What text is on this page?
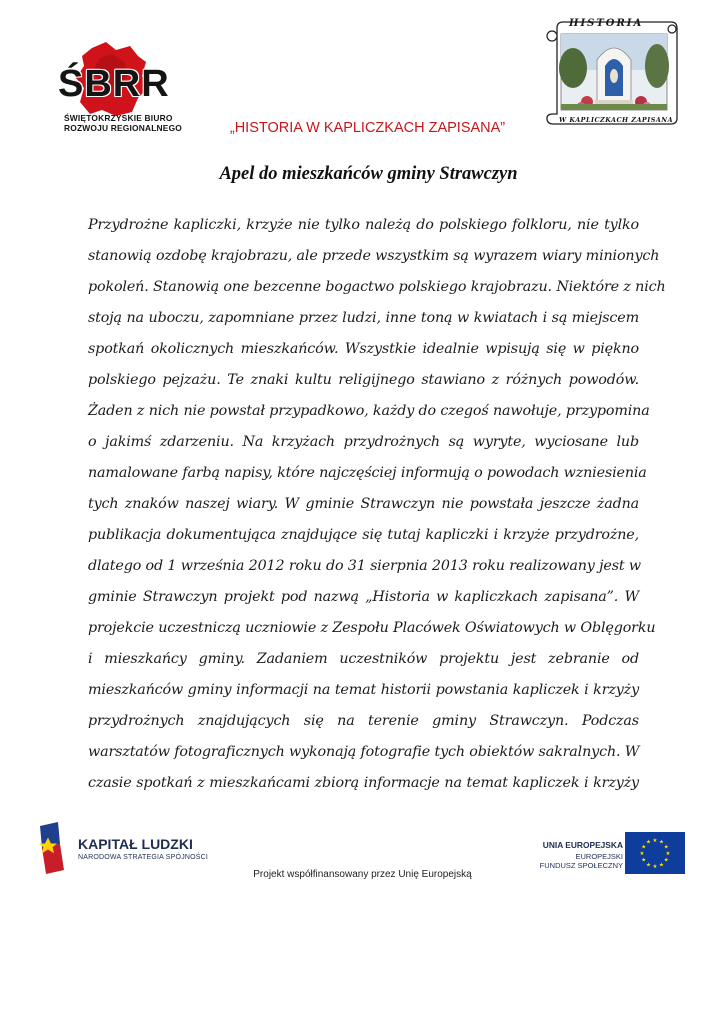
ŚBRR
ŚWIĘTOKRZYSKIE BIURO
ROZWOJU REGIONALNEGO	„HISTORIA W KAPLICZKACH ZAPISANA”
HISTORIA
W KAPLICZKACH ZAPISANA
Apel do mieszkańców gminy Strawczyn
Przydrożne kapliczki, krzyże nie tylko należą do polskiego folkloru, nie tylko
stanowią ozdobę krajobrazu, ale przede wszystkim są wyrazem wiary minionych
pokoleń. Stanowią one bezcenne bogactwo polskiego krajobrazu. Niektóre z nich
stoją na uboczu, zapomniane przez ludzi, inne toną w kwiatach i są miejscem
spotkań okolicznych mieszkańców. Wszystkie idealnie wpisują się w piękno
polskiego pejzażu. Te znaki kultu religijnego stawiano z różnych powodów.
Żaden z nich nie powstał przypadkowo, każdy do czegoś nawołuje, przypomina
o jakimś zdarzeniu. Na krzyżach przydrożnych są wyryte, wyciosane lub
namalowane farbą napisy, które najczęściej informują o powodach wzniesienia
tych znaków naszej wiary. W gminie Strawczyn nie powstała jeszcze żadna
publikacja dokumentująca znajdujące się tutaj kapliczki i krzyże przydrożne,
dlatego od 1 września 2012 roku do 31 sierpnia 2013 roku realizowany jest w
gminie Strawczyn projekt pod nazwą „Historia w kapliczkach zapisana”. W
projekcie uczestniczą uczniowie z Zespołu Placówek Oświatowych w Oblęgorku
i mieszkańcy gminy. Zadaniem uczestników projektu jest zebranie od
mieszkańców gminy informacji na temat historii powstania kapliczek i krzyży
przydrożnych znajdujących się na terenie gminy Strawczyn. Podczas
warsztatów fotograficznych wykonają fotografie tych obiektów sakralnych. W
czasie spotkań z mieszkańcami zbiorą informacje na temat kapliczek i krzyży
KAPITAŁ LUDZKI
NARODOWA STRATEGIA SPÓJNOŚCI
UNIA EUROPEJSKA
EUROPEJSKI
FUNDUSZ SPOŁECZNY
★
★
★
★
★
★
★
★
★ ★ ★
★
Projekt współfinansowany przez Unię Europejską
